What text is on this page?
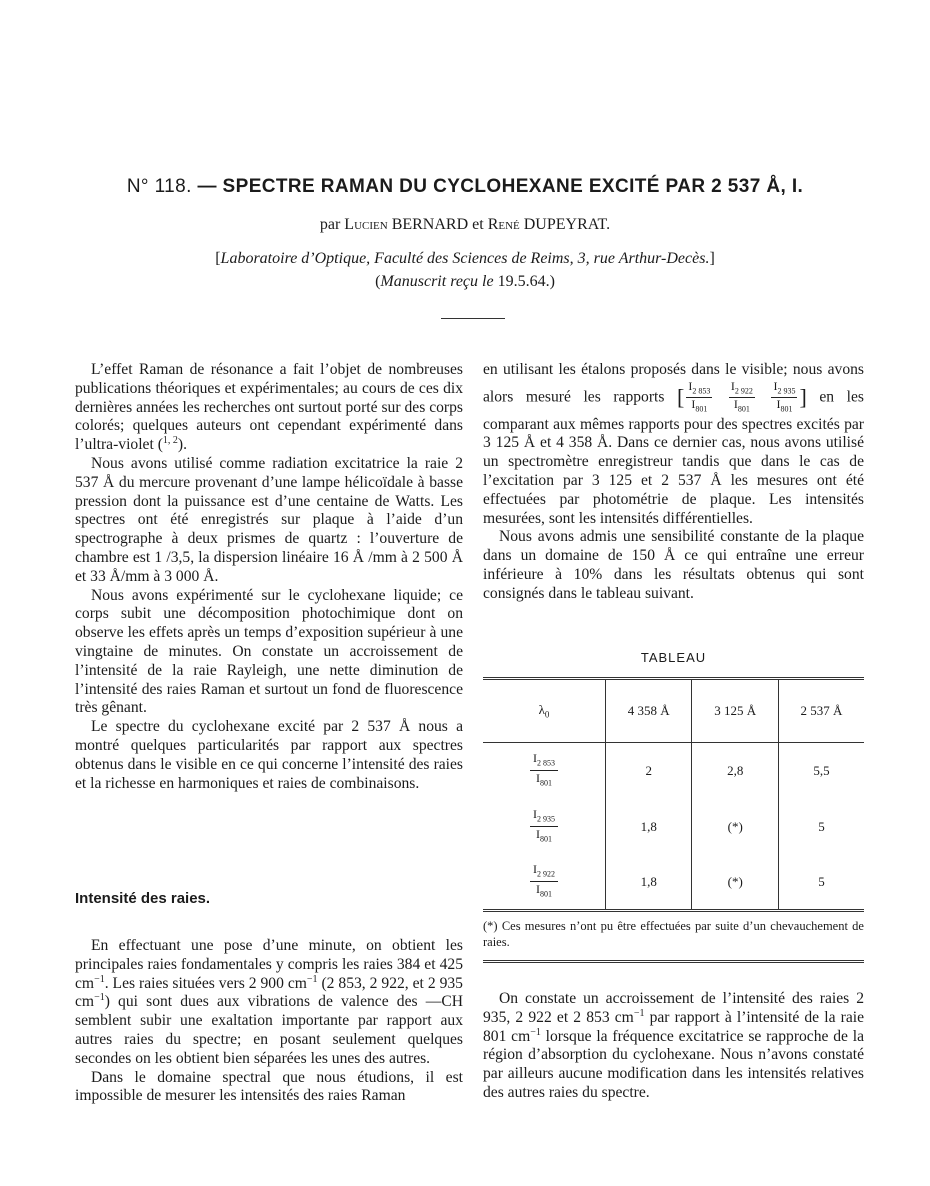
N° 118. — SPECTRE RAMAN DU CYCLOHEXANE EXCITÉ PAR 2 537 Å, I.
par Lucien BERNARD et René DUPEYRAT.
[Laboratoire d’Optique, Faculté des Sciences de Reims, 3, rue Arthur-Decès.]
(Manuscrit reçu le 19.5.64.)

L’effet Raman de résonance a fait l’objet de nombreuses publications théoriques et expérimentales; au cours de ces dix dernières années les recherches ont surtout porté sur des corps colorés; quelques auteurs ont cependant expérimenté dans l’ultra-violet ($^{1, 2}$).

Nous avons utilisé comme radiation excitatrice la raie 2 537 Å du mercure provenant d’une lampe hélicoïdale à basse pression dont la puissance est d’une centaine de Watts. Les spectres ont été enregistrés sur plaque à l’aide d’un spectrographe à deux prismes de quartz : l’ouverture de chambre est 1 /3,5, la dispersion linéaire 16 Å /mm à 2 500 Å et 33 Å/mm à 3 000 Å.

Nous avons expérimenté sur le cyclohexane liquide; ce corps subit une décomposition photochimique dont on observe les effets après un temps d’exposition supérieur à une vingtaine de minutes. On constate un accroissement de l’intensité de la raie Rayleigh, une nette diminution de l’intensité des raies Raman et surtout un fond de fluorescence très gênant.

Le spectre du cyclohexane excité par 2 537 Å nous a montré quelques particularités par rapport aux spectres obtenus dans le visible en ce qui concerne l’intensité des raies et la richesse en harmoniques et raies de combinaisons.

Intensité des raies.

En effectuant une pose d’une minute, on obtient les principales raies fondamentales y compris les raies 384 et 425 $cm^{-1}$. Les raies situées vers 2 900 $cm^{-1}$ (2 853, 2 922, et 2 935 $cm^{-1}$) qui sont dues aux vibrations de valence des —CH semblent subir une exaltation importante par rapport aux autres raies du spectre; en posant seulement quelques secondes on les obtient bien séparées les unes des autres.

Dans le domaine spectral que nous étudions, il est impossible de mesurer les intensités des raies Raman

en utilisant les étalons proposés dans le visible; nous avons alors mesuré les rapports [ $\frac{I_{2 853}}{I_{801}}$
$\frac{I_{2 922}}{I_{801}}$
$\frac{I_{2 935}}{I_{801}}$ ] en les comparant aux mêmes rapports pour des spectres excités par 3 125 Å et 4 358 Å. Dans ce dernier cas, nous avons utilisé un spectromètre enregistreur tandis que dans le cas de l’excitation par 3 125 et 2 537 Å les mesures ont été effectuées par photométrie de plaque. Les intensités mesurées, sont les intensités différentielles.

Nous avons admis une sensibilité constante de la plaque dans un domaine de 150 Å ce qui entraîne une erreur inférieure à 10% dans les résultats obtenus qui sont consignés dans le tableau suivant.

TABLEAU
$\lambda_0$	4 358 Å	3 125 Å	2 537 Å

$\frac{I_{2 853}}{I_{801}}$	2	2,8	5,5

$\frac{I_{2 935}}{I_{801}}$	1,8	(*)	5

$\frac{I_{2 922}}{I_{801}}$	1,8	(*)	5
(*) Ces mesures n’ont pu être effectuées par suite d’un chevauchement de raies.

On constate un accroissement de l’intensité des raies 2 935, 2 922 et 2 853 $cm^{-1}$ par rapport à l’intensité de la raie 801 $cm^{-1}$ lorsque la fréquence excitatrice se rapproche de la région d’absorption du cyclohexane. Nous n’avons constaté par ailleurs aucune modification dans les intensités relatives des autres raies du spectre.
